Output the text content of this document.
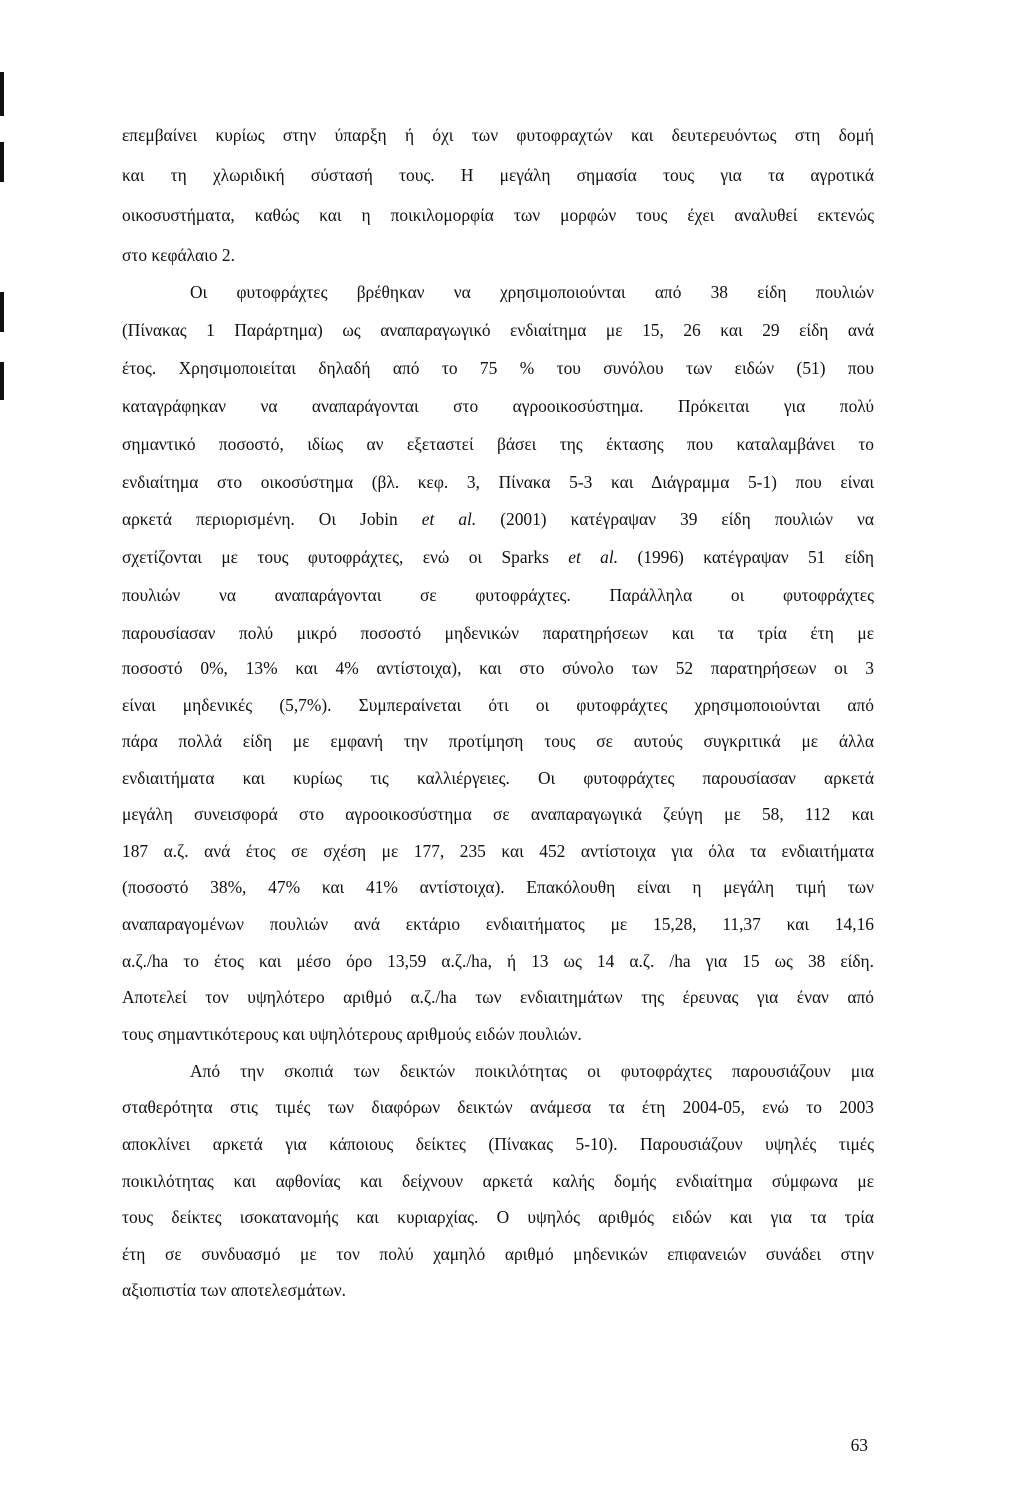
επεμβαίνει κυρίως στην ύπαρξη ή όχι των φυτοφραχτών και δευτερευόντως στη δομή
και τη χλωριδική σύστασή τους. Η μεγάλη σημασία τους για τα αγροτικά
οικοσυστήματα, καθώς και η ποικιλομορφία των μορφών τους έχει αναλυθεί εκτενώς
στο κεφάλαιο 2.
Οι φυτοφράχτες βρέθηκαν να χρησιμοποιούνται από 38 είδη πουλιών
(Πίνακας 1 Παράρτημα) ως αναπαραγωγικό ενδιαίτημα με 15, 26 και 29 είδη ανά
έτος. Χρησιμοποιείται δηλαδή από το 75 % του συνόλου των ειδών (51) που
καταγράφηκαν να αναπαράγονται στο αγροοικοσύστημα. Πρόκειται για πολύ
σημαντικό ποσοστό, ιδίως αν εξεταστεί βάσει της έκτασης που καταλαμβάνει το
ενδιαίτημα στο οικοσύστημα (βλ. κεφ. 3, Πίνακα 5-3 και Διάγραμμα 5-1) που είναι
αρκετά περιορισμένη. Οι Jobin et al. (2001) κατέγραψαν 39 είδη πουλιών να
σχετίζονται με τους φυτοφράχτες, ενώ οι Sparks et al. (1996) κατέγραψαν 51 είδη
πουλιών να αναπαράγονται σε φυτοφράχτες. Παράλληλα οι φυτοφράχτες
παρουσίασαν πολύ μικρό ποσοστό μηδενικών παρατηρήσεων και τα τρία έτη με
ποσοστό 0%, 13% και 4% αντίστοιχα), και στο σύνολο των 52 παρατηρήσεων οι 3
είναι μηδενικές (5,7%). Συμπεραίνεται ότι οι φυτοφράχτες χρησιμοποιούνται από
πάρα πολλά είδη με εμφανή την προτίμηση τους σε αυτούς συγκριτικά με άλλα
ενδιαιτήματα και κυρίως τις καλλιέργειες. Οι φυτοφράχτες παρουσίασαν αρκετά
μεγάλη συνεισφορά στο αγροοικοσύστημα σε αναπαραγωγικά ζεύγη με 58, 112 και
187 α.ζ. ανά έτος σε σχέση με 177, 235 και 452 αντίστοιχα για όλα τα ενδιαιτήματα
(ποσοστό 38%, 47% και 41% αντίστοιχα). Επακόλουθη είναι η μεγάλη τιμή των
αναπαραγομένων πουλιών ανά εκτάριο ενδιαιτήματος με 15,28, 11,37 και 14,16
α.ζ./ha το έτος και μέσο όρο 13,59 α.ζ./ha, ή 13 ως 14 α.ζ. /ha για 15 ως 38 είδη.
Αποτελεί τον υψηλότερο αριθμό α.ζ./ha των ενδιαιτημάτων της έρευνας για έναν από
τους σημαντικότερους και υψηλότερους αριθμούς ειδών πουλιών.
Από την σκοπιά των δεικτών ποικιλότητας οι φυτοφράχτες παρουσιάζουν μια
σταθερότητα στις τιμές των διαφόρων δεικτών ανάμεσα τα έτη 2004-05, ενώ το 2003
αποκλίνει αρκετά για κάποιους δείκτες (Πίνακας 5-10). Παρουσιάζουν υψηλές τιμές
ποικιλότητας και αφθονίας και δείχνουν αρκετά καλής δομής ενδιαίτημα σύμφωνα με
τους δείκτες ισοκατανομής και κυριαρχίας. Ο υψηλός αριθμός ειδών και για τα τρία
έτη σε συνδυασμό με τον πολύ χαμηλό αριθμό μηδενικών επιφανειών συνάδει στην
αξιοπιστία των αποτελεσμάτων.
63
